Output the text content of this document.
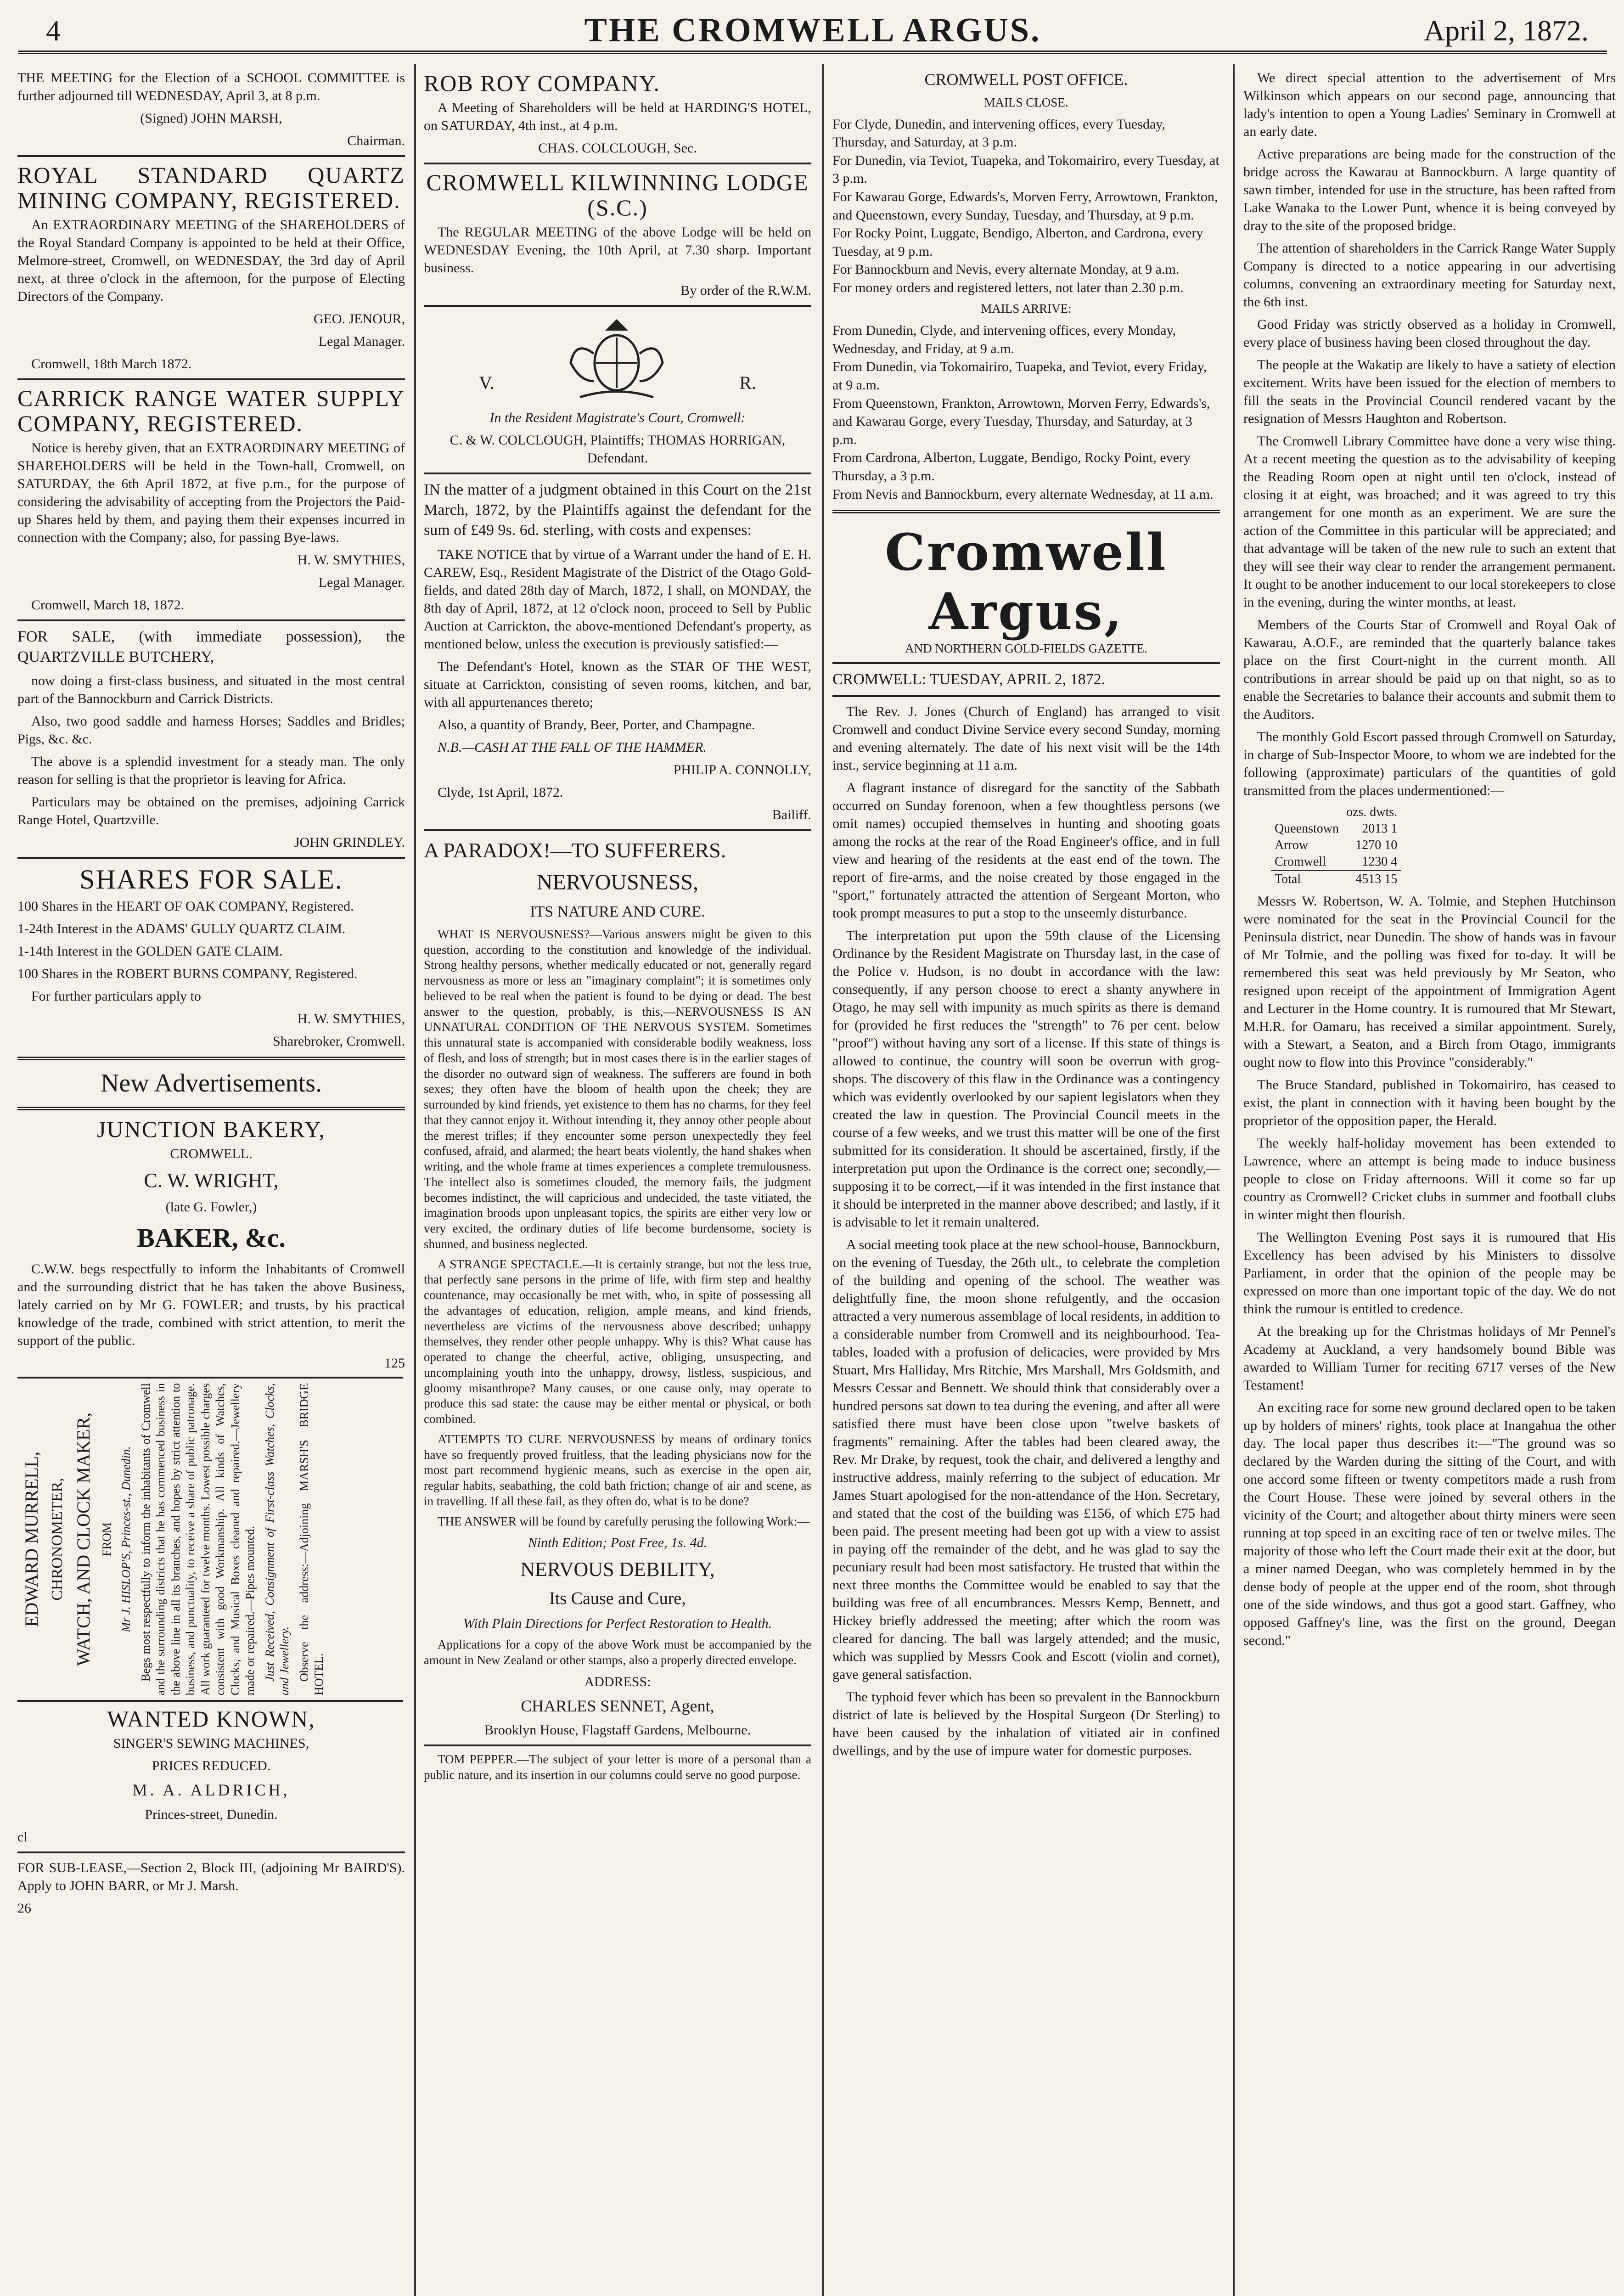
4	THE CROMWELL ARGUS.	April 2, 1872.

THE MEETING for the Election of a SCHOOL COMMITTEE is further adjourned till WEDNESDAY, April 3, at 8 p.m.

(Signed) JOHN MARSH,

Chairman.

ROYAL STANDARD QUARTZ MINING COMPANY, REGISTERED.

An EXTRAORDINARY MEETING of the SHAREHOLDERS of the Royal Standard Company is appointed to be held at their Office, Melmore-street, Cromwell, on WEDNESDAY, the 3rd day of April next, at three o'clock in the afternoon, for the purpose of Electing Directors of the Company.

GEO. JENOUR,

Legal Manager.

Cromwell, 18th March 1872.

CARRICK RANGE WATER SUPPLY COMPANY, REGISTERED.

Notice is hereby given, that an EXTRAORDINARY MEETING of SHAREHOLDERS will be held in the Town-hall, Cromwell, on SATURDAY, the 6th April 1872, at five p.m., for the purpose of considering the advisability of accepting from the Projectors the Paid-up Shares held by them, and paying them their expenses incurred in connection with the Company; also, for passing Bye-laws.

H. W. SMYTHIES,

Legal Manager.

Cromwell, March 18, 1872.

FOR SALE, (with immediate possession), the QUARTZVILLE BUTCHERY,

now doing a first-class business, and situated in the most central part of the Bannockburn and Carrick Districts.

Also, two good saddle and harness Horses; Saddles and Bridles; Pigs, &c. &c.

The above is a splendid investment for a steady man. The only reason for selling is that the proprietor is leaving for Africa.

Particulars may be obtained on the premises, adjoining Carrick Range Hotel, Quartzville.

JOHN GRINDLEY.

SHARES FOR SALE.

100 Shares in the HEART OF OAK COMPANY, Registered.

1-24th Interest in the ADAMS' GULLY QUARTZ CLAIM.

1-14th Interest in the GOLDEN GATE CLAIM.

100 Shares in the ROBERT BURNS COMPANY, Registered.

For further particulars apply to

H. W. SMYTHIES,

Sharebroker, Cromwell.

New Advertisements.

JUNCTION BAKERY,

CROMWELL.

C. W. WRIGHT,

(late G. Fowler,)

BAKER, &c.

C.W.W. begs respectfully to inform the Inhabitants of Cromwell and the surrounding district that he has taken the above Business, lately carried on by Mr G. FOWLER; and trusts, by his practical knowledge of the trade, combined with strict attention, to merit the support of the public.

125

EDWARD MURRELL, CHRONOMETER, WATCH, AND CLOCK MAKER, FROM Mr J. HISLOP'S, Princes-st., Dunedin. Begs most respectfully to inform the inhabitants of Cromwell and the surrounding districts that he has commenced business in the above line in all its branches, and hopes by strict attention to business, and punctuality, to receive a share of public patronage. All work guaranteed for twelve months. Lowest possible charges consistent with good Workmanship. All kinds of Watches, Clocks, and Musical Boxes cleaned and repaired.—Jewellery made or repaired.—Pipes mounted. Just Received, Consignment of First-class Watches, Clocks, and Jewellery. Observe the address:—Adjoining MARSH'S BRIDGE HOTEL.

WANTED KNOWN,

SINGER'S SEWING MACHINES,

PRICES REDUCED.

M. A. ALDRICH,

Princes-street, Dunedin.

cl

FOR SUB-LEASE,—Section 2, Block III, (adjoining Mr BAIRD'S). Apply to JOHN BARR, or Mr J. Marsh.

26

ROB ROY COMPANY.

A Meeting of Shareholders will be held at HARDING'S HOTEL, on SATURDAY, 4th inst., at 4 p.m.

CHAS. COLCLOUGH, Sec.

CROMWELL KILWINNING LODGE (S.C.)

The REGULAR MEETING of the above Lodge will be held on WEDNESDAY Evening, the 10th April, at 7.30 sharp. Important business.

By order of the R.W.M.

V.	R.

In the Resident Magistrate's Court, Cromwell:

C. & W. COLCLOUGH, Plaintiffs; THOMAS HORRIGAN, Defendant.

IN the matter of a judgment obtained in this Court on the 21st March, 1872, by the Plaintiffs against the defendant for the sum of £49 9s. 6d. sterling, with costs and expenses:

TAKE NOTICE that by virtue of a Warrant under the hand of E. H. CAREW, Esq., Resident Magistrate of the District of the Otago Gold-fields, and dated 28th day of March, 1872, I shall, on MONDAY, the 8th day of April, 1872, at 12 o'clock noon, proceed to Sell by Public Auction at Carrickton, the above-mentioned Defendant's property, as mentioned below, unless the execution is previously satisfied:—

The Defendant's Hotel, known as the STAR OF THE WEST, situate at Carrickton, consisting of seven rooms, kitchen, and bar, with all appurtenances thereto;

Also, a quantity of Brandy, Beer, Porter, and Champagne.

N.B.—CASH AT THE FALL OF THE HAMMER.

PHILIP A. CONNOLLY,

Clyde, 1st April, 1872.

Bailiff.

A PARADOX!—TO SUFFERERS.

NERVOUSNESS,

ITS NATURE AND CURE.

WHAT IS NERVOUSNESS?—Various answers might be given to this question, according to the constitution and knowledge of the individual. Strong healthy persons, whether medically educated or not, generally regard nervousness as more or less an "imaginary complaint"; it is sometimes only believed to be real when the patient is found to be dying or dead. The best answer to the question, probably, is this,—NERVOUSNESS IS AN UNNATURAL CONDITION OF THE NERVOUS SYSTEM. Sometimes this unnatural state is accompanied with considerable bodily weakness, loss of flesh, and loss of strength; but in most cases there is in the earlier stages of the disorder no outward sign of weakness. The sufferers are found in both sexes; they often have the bloom of health upon the cheek; they are surrounded by kind friends, yet existence to them has no charms, for they feel that they cannot enjoy it. Without intending it, they annoy other people about the merest trifles; if they encounter some person unexpectedly they feel confused, afraid, and alarmed; the heart beats violently, the hand shakes when writing, and the whole frame at times experiences a complete tremulousness. The intellect also is sometimes clouded, the memory fails, the judgment becomes indistinct, the will capricious and undecided, the taste vitiated, the imagination broods upon unpleasant topics, the spirits are either very low or very excited, the ordinary duties of life become burdensome, society is shunned, and business neglected.

A STRANGE SPECTACLE.—It is certainly strange, but not the less true, that perfectly sane persons in the prime of life, with firm step and healthy countenance, may occasionally be met with, who, in spite of possessing all the advantages of education, religion, ample means, and kind friends, nevertheless are victims of the nervousness above described; unhappy themselves, they render other people unhappy. Why is this? What cause has operated to change the cheerful, active, obliging, unsuspecting, and uncomplaining youth into the unhappy, drowsy, listless, suspicious, and gloomy misanthrope? Many causes, or one cause only, may operate to produce this sad state: the cause may be either mental or physical, or both combined.

ATTEMPTS TO CURE NERVOUSNESS by means of ordinary tonics have so frequently proved fruitless, that the leading physicians now for the most part recommend hygienic means, such as exercise in the open air, regular habits, seabathing, the cold bath friction; change of air and scene, as in travelling. If all these fail, as they often do, what is to be done?

THE ANSWER will be found by carefully perusing the following Work:—

Ninth Edition; Post Free, 1s. 4d.

NERVOUS DEBILITY,

Its Cause and Cure,

With Plain Directions for Perfect Restoration to Health.

Applications for a copy of the above Work must be accompanied by the amount in New Zealand or other stamps, also a properly directed envelope.

ADDRESS:

CHARLES SENNET, Agent,

Brooklyn House, Flagstaff Gardens, Melbourne.

TOM PEPPER.—The subject of your letter is more of a personal than a public nature, and its insertion in our columns could serve no good purpose.

CROMWELL POST OFFICE.

MAILS CLOSE.

For Clyde, Dunedin, and intervening offices, every Tuesday, Thursday, and Saturday, at 3 p.m.
For Dunedin, via Teviot, Tuapeka, and Tokomairiro, every Tuesday, at 3 p.m.
For Kawarau Gorge, Edwards's, Morven Ferry, Arrowtown, Frankton, and Queenstown, every Sunday, Tuesday, and Thursday, at 9 p.m.
For Rocky Point, Luggate, Bendigo, Alberton, and Cardrona, every Tuesday, at 9 p.m.
For Bannockburn and Nevis, every alternate Monday, at 9 a.m.
For money orders and registered letters, not later than 2.30 p.m.

MAILS ARRIVE:

From Dunedin, Clyde, and intervening offices, every Monday, Wednesday, and Friday, at 9 a.m.
From Dunedin, via Tokomairiro, Tuapeka, and Teviot, every Friday, at 9 a.m.
From Queenstown, Frankton, Arrowtown, Morven Ferry, Edwards's, and Kawarau Gorge, every Tuesday, Thursday, and Saturday, at 3 p.m.
From Cardrona, Alberton, Luggate, Bendigo, Rocky Point, every Thursday, a 3 p.m.
From Nevis and Bannockburn, every alternate Wednesday, at 11 a.m.

Cromwell Argus,

AND NORTHERN GOLD-FIELDS GAZETTE.

CROMWELL: TUESDAY, APRIL 2, 1872.

The Rev. J. Jones (Church of England) has arranged to visit Cromwell and conduct Divine Service every second Sunday, morning and evening alternately. The date of his next visit will be the 14th inst., service beginning at 11 a.m.

A flagrant instance of disregard for the sanctity of the Sabbath occurred on Sunday forenoon, when a few thoughtless persons (we omit names) occupied themselves in hunting and shooting goats among the rocks at the rear of the Road Engineer's office, and in full view and hearing of the residents at the east end of the town. The report of fire-arms, and the noise created by those engaged in the "sport," fortunately attracted the attention of Sergeant Morton, who took prompt measures to put a stop to the unseemly disturbance.

The interpretation put upon the 59th clause of the Licensing Ordinance by the Resident Magistrate on Thursday last, in the case of the Police v. Hudson, is no doubt in accordance with the law: consequently, if any person choose to erect a shanty anywhere in Otago, he may sell with impunity as much spirits as there is demand for (provided he first reduces the "strength" to 76 per cent. below "proof") without having any sort of a license. If this state of things is allowed to continue, the country will soon be overrun with grog-shops. The discovery of this flaw in the Ordinance was a contingency which was evidently overlooked by our sapient legislators when they created the law in question. The Provincial Council meets in the course of a few weeks, and we trust this matter will be one of the first submitted for its consideration. It should be ascertained, firstly, if the interpretation put upon the Ordinance is the correct one; secondly,—supposing it to be correct,—if it was intended in the first instance that it should be interpreted in the manner above described; and lastly, if it is advisable to let it remain unaltered.

A social meeting took place at the new school-house, Bannockburn, on the evening of Tuesday, the 26th ult., to celebrate the completion of the building and opening of the school. The weather was delightfully fine, the moon shone refulgently, and the occasion attracted a very numerous assemblage of local residents, in addition to a considerable number from Cromwell and its neighbourhood. Tea-tables, loaded with a profusion of delicacies, were provided by Mrs Stuart, Mrs Halliday, Mrs Ritchie, Mrs Marshall, Mrs Goldsmith, and Messrs Cessar and Bennett. We should think that considerably over a hundred persons sat down to tea during the evening, and after all were satisfied there must have been close upon "twelve baskets of fragments" remaining. After the tables had been cleared away, the Rev. Mr Drake, by request, took the chair, and delivered a lengthy and instructive address, mainly referring to the subject of education. Mr James Stuart apologised for the non-attendance of the Hon. Secretary, and stated that the cost of the building was £156, of which £75 had been paid. The present meeting had been got up with a view to assist in paying off the remainder of the debt, and he was glad to say the pecuniary result had been most satisfactory. He trusted that within the next three months the Committee would be enabled to say that the building was free of all encumbrances. Messrs Kemp, Bennett, and Hickey briefly addressed the meeting; after which the room was cleared for dancing. The ball was largely attended; and the music, which was supplied by Messrs Cook and Escott (violin and cornet), gave general satisfaction.

The typhoid fever which has been so prevalent in the Bannockburn district of late is believed by the Hospital Surgeon (Dr Sterling) to have been caused by the inhalation of vitiated air in confined dwellings, and by the use of impure water for domestic purposes.

We direct special attention to the advertisement of Mrs Wilkinson which appears on our second page, announcing that lady's intention to open a Young Ladies' Seminary in Cromwell at an early date.

Active preparations are being made for the construction of the bridge across the Kawarau at Bannockburn. A large quantity of sawn timber, intended for use in the structure, has been rafted from Lake Wanaka to the Lower Punt, whence it is being conveyed by dray to the site of the proposed bridge.

The attention of shareholders in the Carrick Range Water Supply Company is directed to a notice appearing in our advertising columns, convening an extraordinary meeting for Saturday next, the 6th inst.

Good Friday was strictly observed as a holiday in Cromwell, every place of business having been closed throughout the day.

The people at the Wakatip are likely to have a satiety of election excitement. Writs have been issued for the election of members to fill the seats in the Provincial Council rendered vacant by the resignation of Messrs Haughton and Robertson.

The Cromwell Library Committee have done a very wise thing. At a recent meeting the question as to the advisability of keeping the Reading Room open at night until ten o'clock, instead of closing it at eight, was broached; and it was agreed to try this arrangement for one month as an experiment. We are sure the action of the Committee in this particular will be appreciated; and that advantage will be taken of the new rule to such an extent that they will see their way clear to render the arrangement permanent. It ought to be another inducement to our local storekeepers to close in the evening, during the winter months, at least.

Members of the Courts Star of Cromwell and Royal Oak of Kawarau, A.O.F., are reminded that the quarterly balance takes place on the first Court-night in the current month. All contributions in arrear should be paid up on that night, so as to enable the Secretaries to balance their accounts and submit them to the Auditors.

The monthly Gold Escort passed through Cromwell on Saturday, in charge of Sub-Inspector Moore, to whom we are indebted for the following (approximate) particulars of the quantities of gold transmitted from the places undermentioned:—

	ozs. dwts.
Queenstown	2013 1
Arrow	1270 10
Cromwell	1230 4
Total	4513 15

Messrs W. Robertson, W. A. Tolmie, and Stephen Hutchinson were nominated for the seat in the Provincial Council for the Peninsula district, near Dunedin. The show of hands was in favour of Mr Tolmie, and the polling was fixed for to-day. It will be remembered this seat was held previously by Mr Seaton, who resigned upon receipt of the appointment of Immigration Agent and Lecturer in the Home country. It is rumoured that Mr Stewart, M.H.R. for Oamaru, has received a similar appointment. Surely, with a Stewart, a Seaton, and a Birch from Otago, immigrants ought now to flow into this Province "considerably."

The Bruce Standard, published in Tokomairiro, has ceased to exist, the plant in connection with it having been bought by the proprietor of the opposition paper, the Herald.

The weekly half-holiday movement has been extended to Lawrence, where an attempt is being made to induce business people to close on Friday afternoons. Will it come so far up country as Cromwell? Cricket clubs in summer and football clubs in winter might then flourish.

The Wellington Evening Post says it is rumoured that His Excellency has been advised by his Ministers to dissolve Parliament, in order that the opinion of the people may be expressed on more than one important topic of the day. We do not think the rumour is entitled to credence.

At the breaking up for the Christmas holidays of Mr Pennel's Academy at Auckland, a very handsomely bound Bible was awarded to William Turner for reciting 6717 verses of the New Testament!

An exciting race for some new ground declared open to be taken up by holders of miners' rights, took place at Inangahua the other day. The local paper thus describes it:—"The ground was so declared by the Warden during the sitting of the Court, and with one accord some fifteen or twenty competitors made a rush from the Court House. These were joined by several others in the vicinity of the Court; and altogether about thirty miners were seen running at top speed in an exciting race of ten or twelve miles. The majority of those who left the Court made their exit at the door, but a miner named Deegan, who was completely hemmed in by the dense body of people at the upper end of the room, shot through one of the side windows, and thus got a good start. Gaffney, who opposed Gaffney's line, was the first on the ground, Deegan second."
